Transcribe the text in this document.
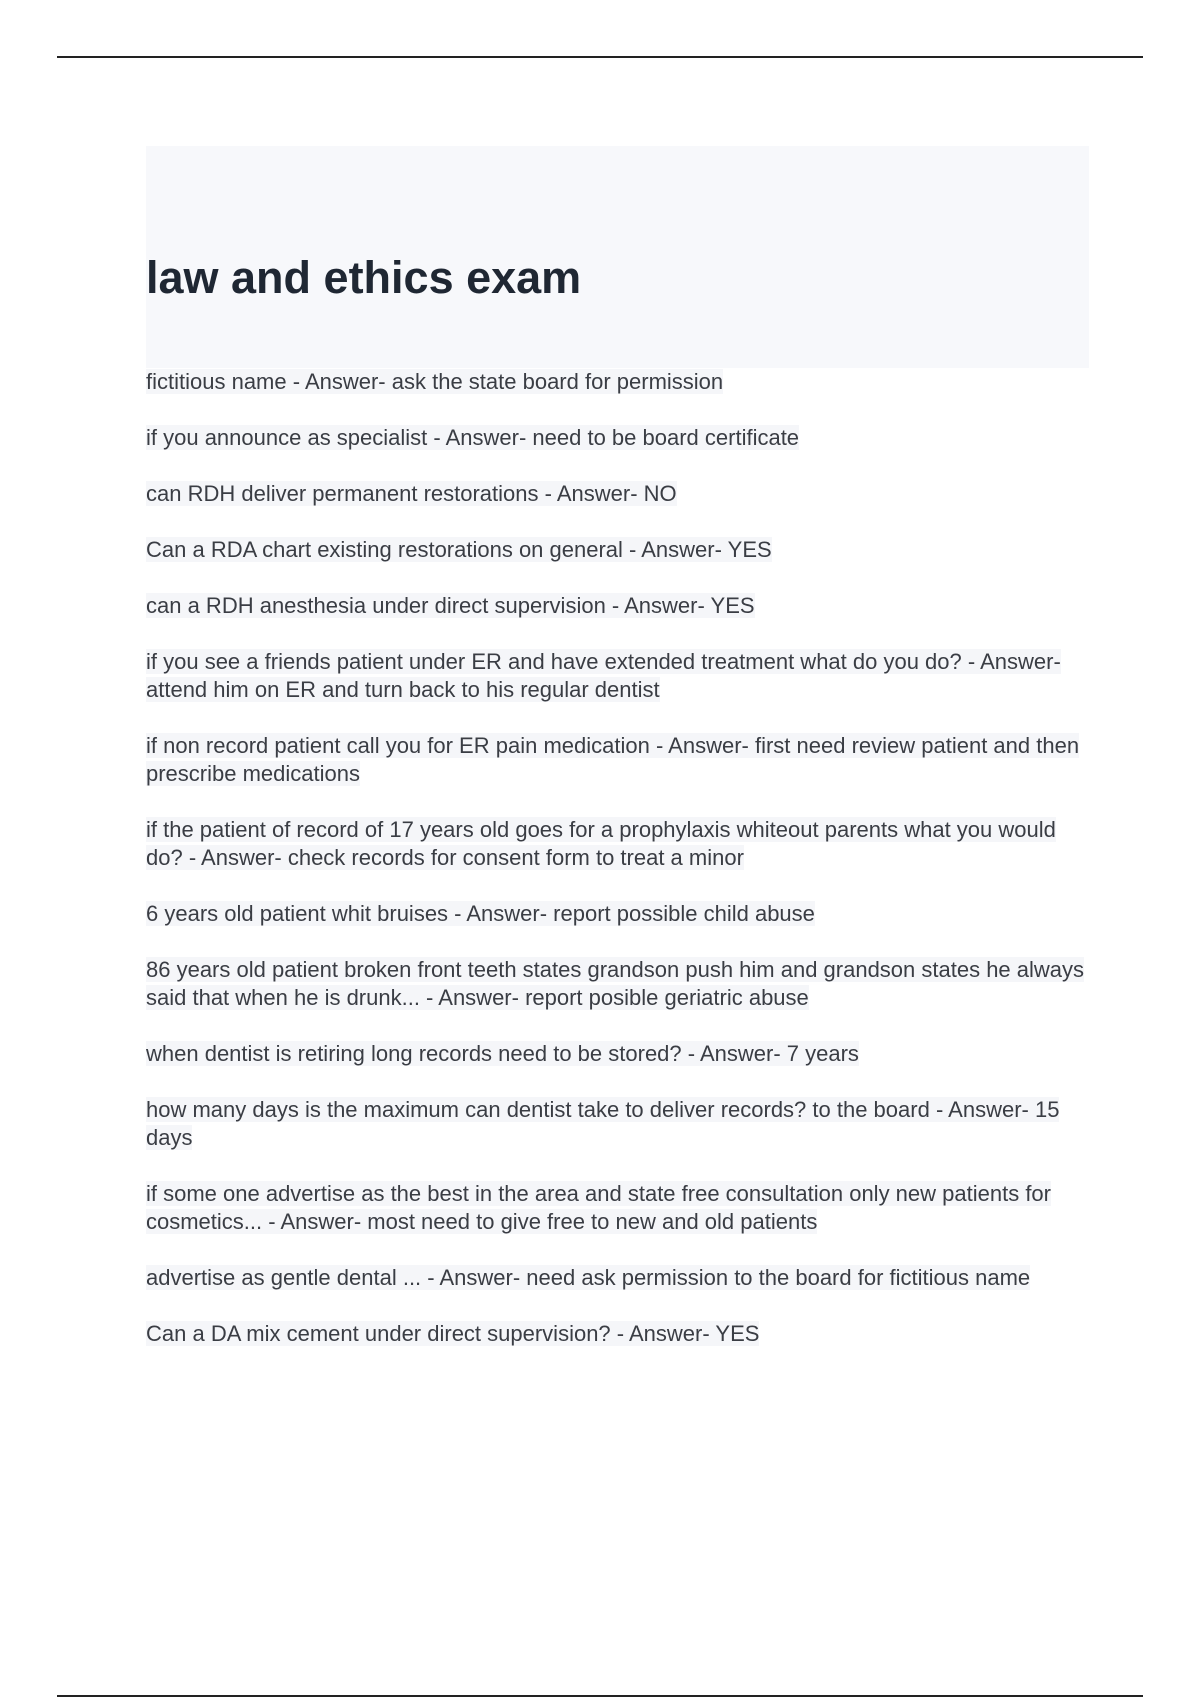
law and ethics exam
fictitious name - Answer- ask the state board for permission
if you announce as specialist - Answer- need to be board certificate
can RDH deliver permanent restorations - Answer- NO
Can a RDA chart existing restorations on general - Answer- YES
can a RDH anesthesia under direct supervision - Answer- YES
if you see a friends patient under ER and have extended treatment what do you do? - Answer- attend him on ER and turn back to his regular dentist
if non record patient call you for ER pain medication - Answer- first need review patient and then prescribe medications
if the patient of record of 17 years old goes for a prophylaxis whiteout parents what you would do? - Answer- check records for consent form to treat a minor
6 years old patient whit bruises - Answer- report possible child abuse
86 years old patient broken front teeth states grandson push him and grandson states he always said that when he is drunk... - Answer- report posible geriatric abuse
when dentist is retiring long records need to be stored? - Answer- 7 years
how many days is the maximum can dentist take to deliver records? to the board - Answer- 15 days
if some one advertise as the best in the area and state free consultation only new patients for cosmetics... - Answer- most need to give free to new and old patients
advertise as gentle dental ... - Answer- need ask permission to the board for fictitious name
Can a DA mix cement under direct supervision? - Answer- YES
